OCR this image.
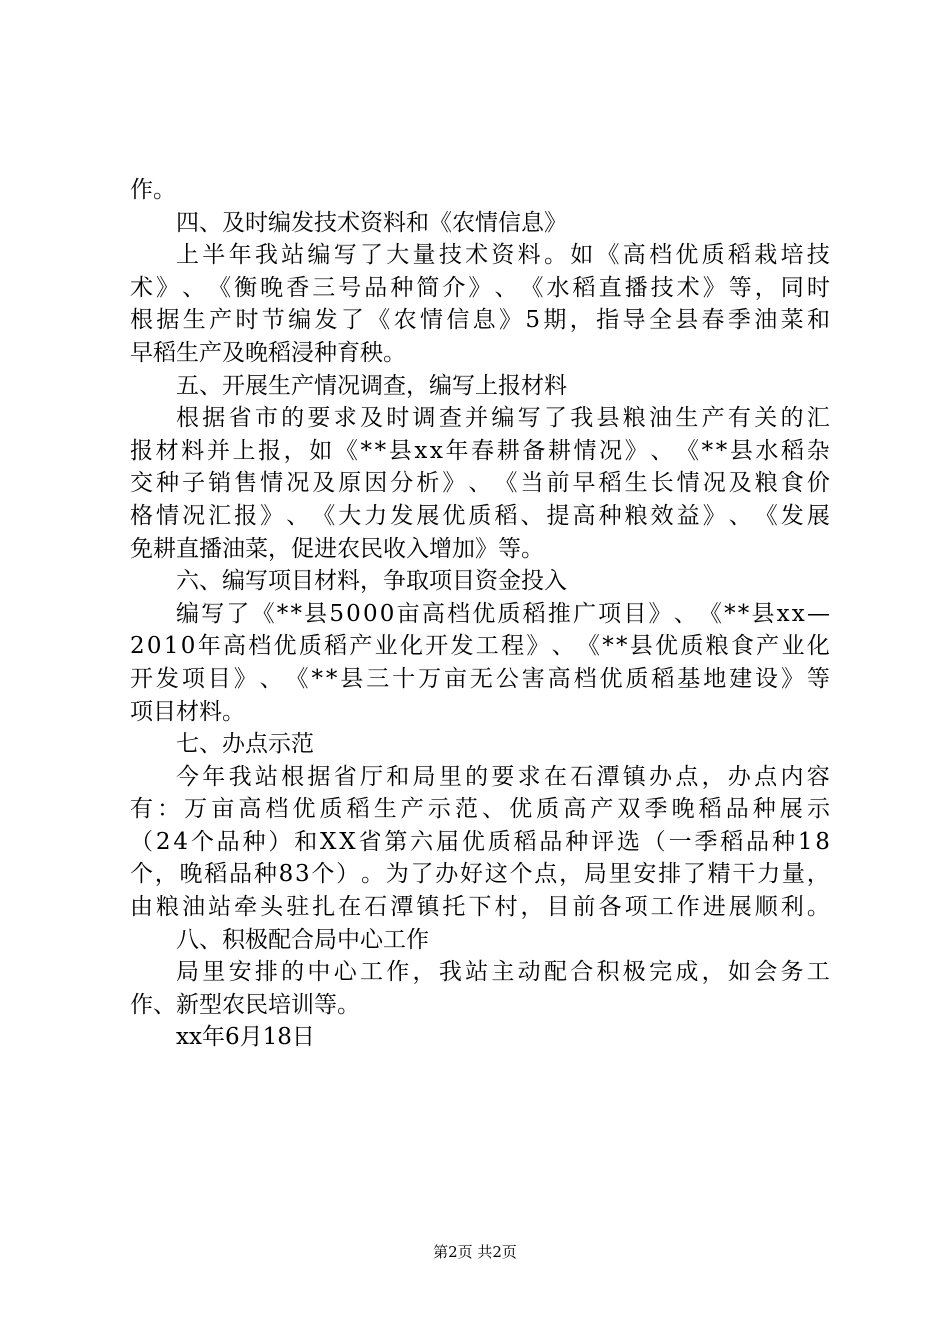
作。
四、及时编发技术资料和《农情信息》
上 半 年 我 站 编 写 了 大 量 技 术 资 料 。 如 《 高 档 优 质 稻 栽 培 技
术 》 、 《 衡 晚 香 三 号 品 种 简 介 》 、 《 水 稻 直 播 技 术 》 等 ， 同 时
根 据 生 产 时 节 编 发 了 《 农 情 信 息 》 5 期 ， 指 导 全 县 春 季 油 菜 和
早稻生产及晚稻浸种育秧。
五、开展生产情况调查，编写上报材料
根 据 省 市 的 要 求 及 时 调 查 并 编 写 了 我 县 粮 油 生 产 有 关 的 汇
报 材 料 并 上 报 ， 如 《 * * 县 x x 年 春 耕 备 耕 情 况 》 、 《 * * 县 水 稻 杂
交 种 子 销 售 情 况 及 原 因 分 析 》 、 《 当 前 早 稻 生 长 情 况 及 粮 食 价
格 情 况 汇 报 》 、 《 大 力 发 展 优 质 稻 、 提 高 种 粮 效 益 》 、 《 发 展
免耕直播油菜，促进农民收入增加》等。
六、编写项目材料，争取项目资金投入
编 写 了 《 * * 县 5 0 0 0 亩 高 档 优 质 稻 推 广 项 目 》 、 《 * * 县 x x —
2 0 1 0 年 高 档 优 质 稻 产 业 化 开 发 工 程 》 、 《 * * 县 优 质 粮 食 产 业 化
开 发 项 目 》 、 《 * * 县 三 十 万 亩 无 公 害 高 档 优 质 稻 基 地 建 设 》 等
项目材料。
七、办点示范
今 年 我 站 根 据 省 厅 和 局 里 的 要 求 在 石 潭 镇 办 点 ， 办 点 内 容
有 ： 万 亩 高 档 优 质 稻 生 产 示 范 、 优 质 高 产 双 季 晚 稻 品 种 展 示
（ 2 4 个 品 种 ） 和 X X 省 第 六 届 优 质 稻 品 种 评 选 （ 一 季 稻 品 种 1 8
个 ， 晚 稻 品 种 8 3 个 ） 。 为 了 办 好 这 个 点 ， 局 里 安 排 了 精 干 力 量 ，
由 粮 油 站 牵 头 驻 扎 在 石 潭 镇 托 下 村 ， 目 前 各 项 工 作 进 展 顺 利 。
八、积极配合局中心工作
局 里 安 排 的 中 心 工 作 ， 我 站 主 动 配 合 积 极 完 成 ， 如 会 务 工
作、新型农民培训等。
xx年6月18日
第2页 共2页
